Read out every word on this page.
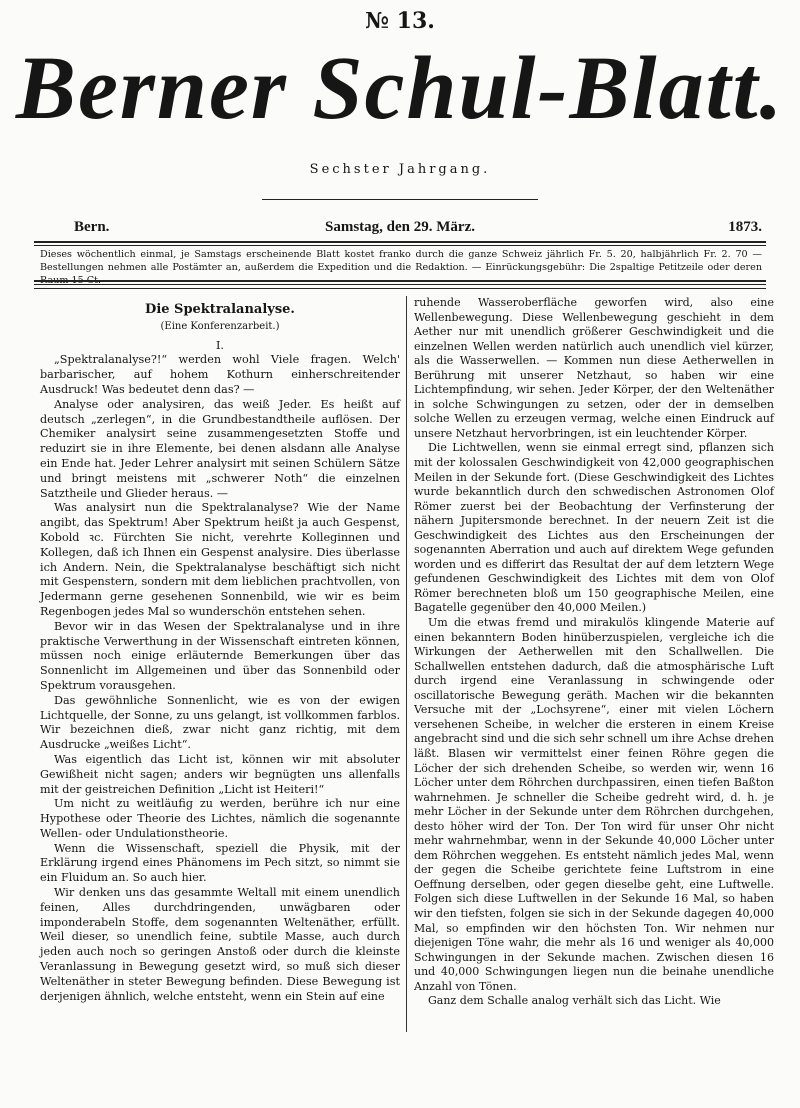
№ 13.
Berner Schul-Blatt.
Sechster Jahrgang.
Bern.	Samstag, den 29. März.	1873.
Dieses wöchentlich einmal, je Samstags erscheinende Blatt kostet franko durch die ganze Schweiz jährlich Fr. 5. 20, halbjährlich Fr. 2. 70 — Bestellungen nehmen alle Postämter an, außerdem die Expedition und die Redaktion. — Einrückungsgebühr: Die 2spaltige Petitzeile oder deren Raum 15 Ct.

Die Spektralanalyse.

(Eine Konferenzarbeit.)

I.

„Spektralanalyse?!“ werden wohl Viele fragen. Welch' barbarischer, auf hohem Kothurn einherschreitender Ausdruck! Was bedeutet denn das? —

Analyse oder analysiren, das weiß Jeder. Es heißt auf deutsch „zerlegen“, in die Grundbestandtheile auflösen. Der Chemiker analysirt seine zusammengesetzten Stoffe und reduzirt sie in ihre Elemente, bei denen alsdann alle Analyse ein Ende hat. Jeder Lehrer analysirt mit seinen Schülern Sätze und bringt meistens mit „schwerer Noth“ die einzelnen Satztheile und Glieder heraus. —

Was analysirt nun die Spektralanalyse? Wie der Name angibt, das Spektrum! Aber Spektrum heißt ja auch Gespenst, Kobold ꝛc. Fürchten Sie nicht, verehrte Kolleginnen und Kollegen, daß ich Ihnen ein Gespenst analysire. Dies überlasse ich Andern. Nein, die Spektralanalyse beschäftigt sich nicht mit Gespenstern, sondern mit dem lieblichen prachtvollen, von Jedermann gerne gesehenen Sonnenbild, wie wir es beim Regenbogen jedes Mal so wunderschön entstehen sehen.

Bevor wir in das Wesen der Spektralanalyse und in ihre praktische Verwerthung in der Wissenschaft eintreten können, müssen noch einige erläuternde Bemerkungen über das Sonnenlicht im Allgemeinen und über das Sonnenbild oder Spektrum vorausgehen.

Das gewöhnliche Sonnenlicht, wie es von der ewigen Lichtquelle, der Sonne, zu uns gelangt, ist vollkommen farblos. Wir bezeichnen dieß, zwar nicht ganz richtig, mit dem Ausdrucke „weißes Licht“.

Was eigentlich das Licht ist, können wir mit absoluter Gewißheit nicht sagen; anders wir begnügten uns allenfalls mit der geistreichen Definition „Licht ist Heiteri!“

Um nicht zu weitläufig zu werden, berühre ich nur eine Hypothese oder Theorie des Lichtes, nämlich die sogenannte Wellen- oder Undulationstheorie.

Wenn die Wissenschaft, speziell die Physik, mit der Erklärung irgend eines Phänomens im Pech sitzt, so nimmt sie ein Fluidum an. So auch hier.

Wir denken uns das gesammte Weltall mit einem unendlich feinen, Alles durchdringenden, unwägbaren oder imponderabeln Stoffe, dem sogenannten Weltenäther, erfüllt. Weil dieser, so unendlich feine, subtile Masse, auch durch jeden auch noch so geringen Anstoß oder durch die kleinste Veranlassung in Bewegung gesetzt wird, so muß sich dieser Weltenäther in steter Bewegung befinden. Diese Bewegung ist derjenigen ähnlich, welche entsteht, wenn ein Stein auf eine

ruhende Wasseroberfläche geworfen wird, also eine Wellenbewegung. Diese Wellenbewegung geschieht in dem Aether nur mit unendlich größerer Geschwindigkeit und die einzelnen Wellen werden natürlich auch unendlich viel kürzer, als die Wasserwellen. — Kommen nun diese Aetherwellen in Berührung mit unserer Netzhaut, so haben wir eine Lichtempfindung, wir sehen. Jeder Körper, der den Weltenäther in solche Schwingungen zu setzen, oder der in demselben solche Wellen zu erzeugen vermag, welche einen Eindruck auf unsere Netzhaut hervorbringen, ist ein leuchtender Körper.

Die Lichtwellen, wenn sie einmal erregt sind, pflanzen sich mit der kolossalen Geschwindigkeit von 42,000 geographischen Meilen in der Sekunde fort. (Diese Geschwindigkeit des Lichtes wurde bekanntlich durch den schwedischen Astronomen Olof Römer zuerst bei der Beobachtung der Verfinsterung der nähern Jupitersmonde berechnet. In der neuern Zeit ist die Geschwindigkeit des Lichtes aus den Erscheinungen der sogenannten Aberration und auch auf direktem Wege gefunden worden und es differirt das Resultat der auf dem letztern Wege gefundenen Geschwindigkeit des Lichtes mit dem von Olof Römer berechneten bloß um 150 geographische Meilen, eine Bagatelle gegenüber den 40,000 Meilen.)

Um die etwas fremd und mirakulös klingende Materie auf einen bekanntern Boden hinüberzuspielen, vergleiche ich die Wirkungen der Aetherwellen mit den Schallwellen. Die Schallwellen entstehen dadurch, daß die atmosphärische Luft durch irgend eine Veranlassung in schwingende oder oscillatorische Bewegung geräth. Machen wir die bekannten Versuche mit der „Lochsyrene“, einer mit vielen Löchern versehenen Scheibe, in welcher die ersteren in einem Kreise angebracht sind und die sich sehr schnell um ihre Achse drehen läßt. Blasen wir vermittelst einer feinen Röhre gegen die Löcher der sich drehenden Scheibe, so werden wir, wenn 16 Löcher unter dem Röhrchen durchpassiren, einen tiefen Baßton wahrnehmen. Je schneller die Scheibe gedreht wird, d. h. je mehr Löcher in der Sekunde unter dem Röhrchen durchgehen, desto höher wird der Ton. Der Ton wird für unser Ohr nicht mehr wahrnehmbar, wenn in der Sekunde 40,000 Löcher unter dem Röhrchen weggehen. Es entsteht nämlich jedes Mal, wenn der gegen die Scheibe gerichtete feine Luftstrom in eine Oeffnung derselben, oder gegen dieselbe geht, eine Luftwelle. Folgen sich diese Luftwellen in der Sekunde 16 Mal, so haben wir den tiefsten, folgen sie sich in der Sekunde dagegen 40,000 Mal, so empfinden wir den höchsten Ton. Wir nehmen nur diejenigen Töne wahr, die mehr als 16 und weniger als 40,000 Schwingungen in der Sekunde machen. Zwischen diesen 16 und 40,000 Schwingungen liegen nun die beinahe unendliche Anzahl von Tönen.

Ganz dem Schalle analog verhält sich das Licht. Wie
